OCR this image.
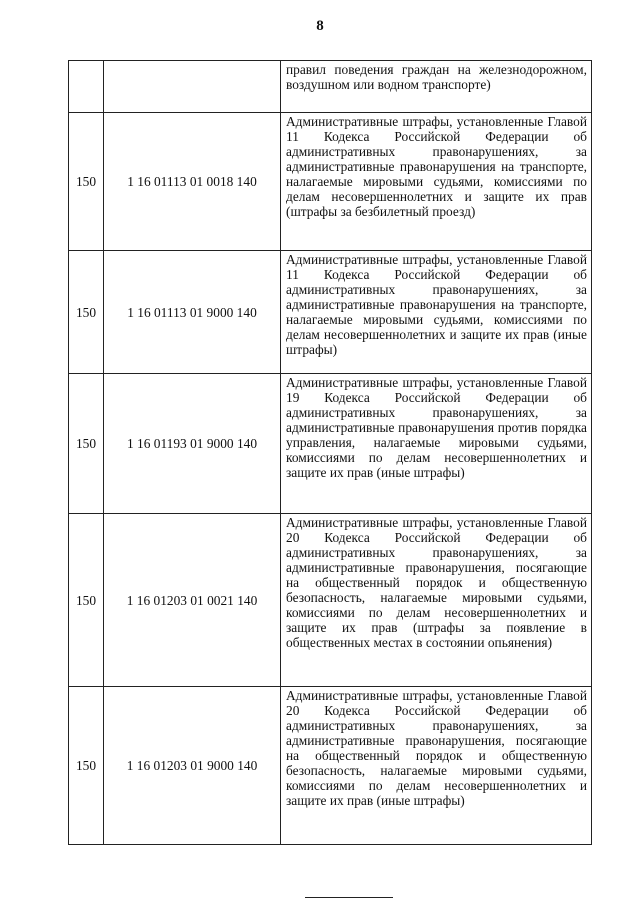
8
		правил поведения граждан на железнодорожном, воздушном или водном транспорте)
150	1 16 01113 01 0018 140	Административные штрафы, установленные Главой 11 Кодекса Российской Федерации об административных правонарушениях, за административные правонарушения на транспорте, налагаемые мировыми судьями, комиссиями по делам несовершеннолетних и защите их прав (штрафы за безбилетный проезд)
150	1 16 01113 01 9000 140	Административные штрафы, установленные Главой 11 Кодекса Российской Федерации об административных правонарушениях, за административные правонарушения на транспорте, налагаемые мировыми судьями, комиссиями по делам несовершеннолетних и защите их прав (иные штрафы)
150	1 16 01193 01 9000 140	Административные штрафы, установленные Главой 19 Кодекса Российской Федерации об административных правонарушениях, за административные правонарушения против порядка управления, налагаемые мировыми судьями, комиссиями по делам несовершеннолетних и защите их прав (иные штрафы)
150	1 16 01203 01 0021 140	Административные штрафы, установленные Главой 20 Кодекса Российской Федерации об административных правонарушениях, за административные правонарушения, посягающие на общественный порядок и общественную безопасность, налагаемые мировыми судьями, комиссиями по делам несовершеннолетних и защите их прав (штрафы за появление в общественных местах в состоянии опьянения)
150	1 16 01203 01 9000 140	Административные штрафы, установленные Главой 20 Кодекса Российской Федерации об административных правонарушениях, за административные правонарушения, посягающие на общественный порядок и общественную безопасность, налагаемые мировыми судьями, комиссиями по делам несовершеннолетних и защите их прав (иные штрафы)
